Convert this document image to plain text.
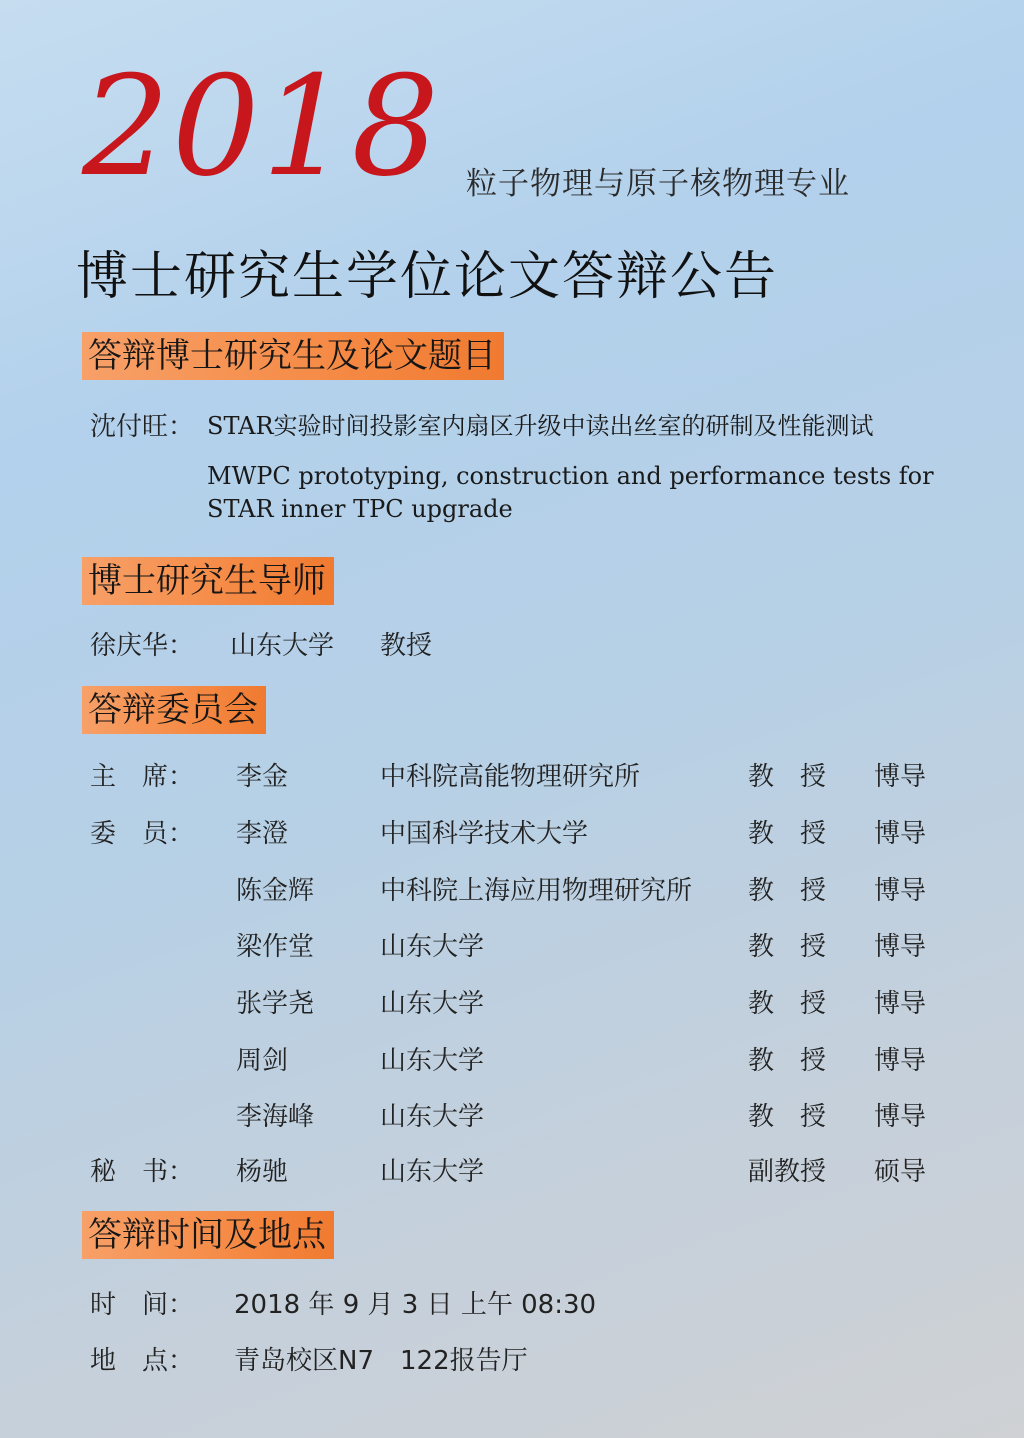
2018 粒子物理与原子核物理专业
博士研究生学位论文答辩公告
答辩博士研究生及论文题目
沈付旺： STAR实验时间投影室内扇区升级中读出丝室的研制及性能测试
MWPC prototyping, construction and performance tests for
STAR inner TPC upgrade
博士研究生导师
徐庆华： 山东大学 教授
答辩委员会
主　席： 李金	中科院高能物理研究所	教　授 博导
委　员： 李澄	中国科学技术大学	教　授 博导
陈金辉	中科院上海应用物理研究所 教　授 博导
梁作堂	山东大学	教　授 博导
张学尧	山东大学	教　授 博导
周剑	山东大学	教　授 博导
李海峰	山东大学	教　授 博导
秘　书： 杨驰	山东大学	副教授 硕导
答辩时间及地点
时　间： 2018 年 9 月 3 日 上午 08:30
地　点： 青岛校区N7　122报告厅
